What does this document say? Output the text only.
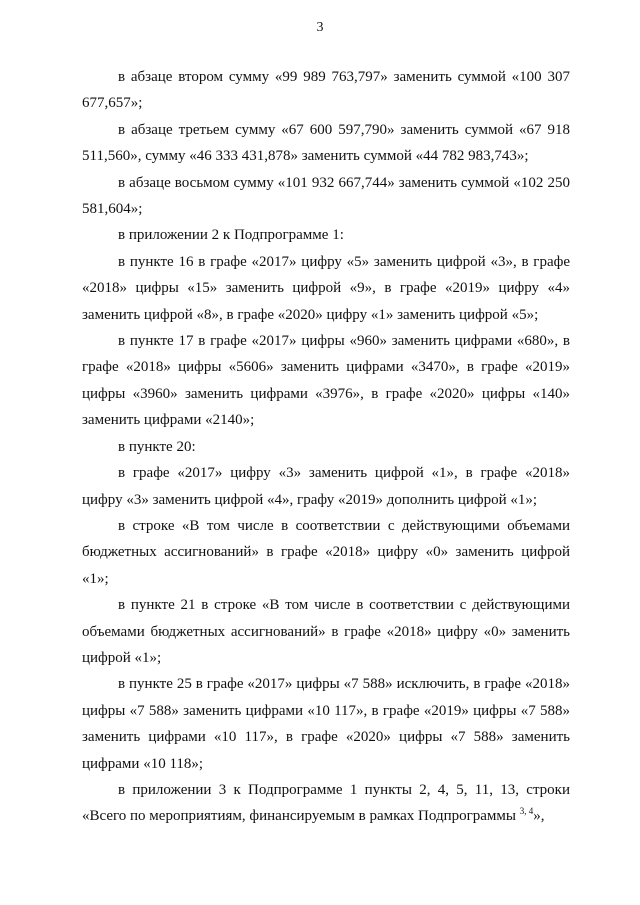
3

в абзаце втором сумму «99 989 763,797» заменить суммой «100 307 677,657»;

в абзаце третьем сумму «67 600 597,790» заменить суммой «67 918 511,560», сумму «46 333 431,878» заменить суммой «44 782 983,743»;

в абзаце восьмом сумму «101 932 667,744» заменить суммой «102 250 581,604»;

в приложении 2 к Подпрограмме 1:

в пункте 16 в графе «2017» цифру «5» заменить цифрой «3», в графе «2018» цифры «15» заменить цифрой «9», в графе «2019» цифру «4» заменить цифрой «8», в графе «2020» цифру «1» заменить цифрой «5»;

в пункте 17 в графе «2017» цифры «960» заменить цифрами «680», в графе «2018» цифры «5606» заменить цифрами «3470», в графе «2019» цифры «3960» заменить цифрами «3976», в графе «2020» цифры «140» заменить цифрами «2140»;

в пункте 20:

в графе «2017» цифру «3» заменить цифрой «1», в графе «2018» цифру «3» заменить цифрой «4», графу «2019» дополнить цифрой «1»;

в строке «В том числе в соответствии с действующими объемами бюджетных ассигнований» в графе «2018» цифру «0» заменить цифрой «1»;

в пункте 21 в строке «В том числе в соответствии с действующими объемами бюджетных ассигнований» в графе «2018» цифру «0» заменить цифрой «1»;

в пункте 25 в графе «2017» цифры «7 588» исключить, в графе «2018» цифры «7 588» заменить цифрами «10 117», в графе «2019» цифры «7 588» заменить цифрами «10 117», в графе «2020» цифры «7 588» заменить цифрами «10 118»;

в приложении 3 к Подпрограмме 1 пункты 2, 4, 5, 11, 13, строки «Всего по мероприятиям, финансируемым в рамках Подпрограммы $^{3, 4}$»,
